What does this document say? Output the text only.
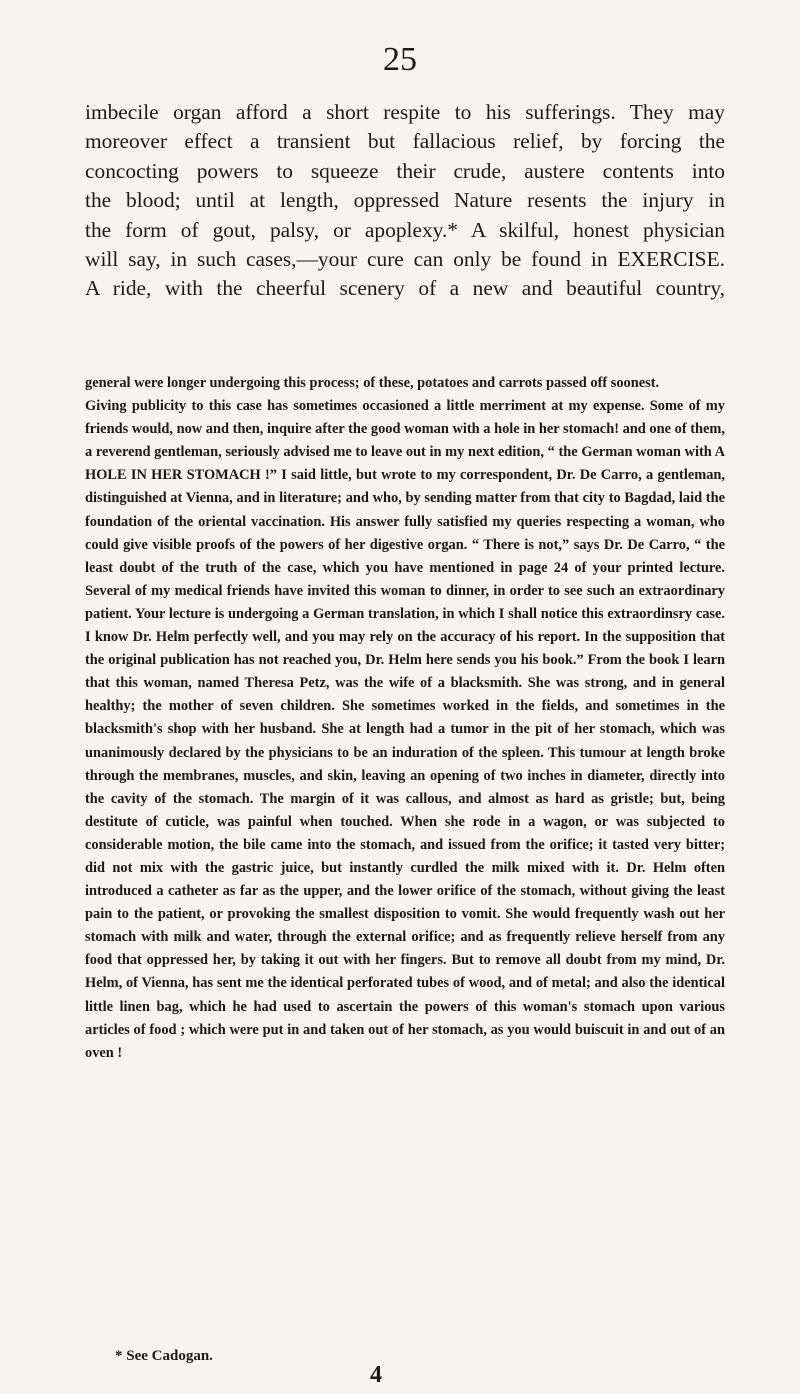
25
imbecile organ afford a short respite to his sufferings. They may
moreover effect a transient but fallacious relief, by forcing the
concocting powers to squeeze their crude, austere contents into
the blood; until at length, oppressed Nature resents the injury in
the form of gout, palsy, or apoplexy.* A skilful, honest physician
will say, in such cases,—your cure can only be found in EXERCISE.
A ride, with the cheerful scenery of a new and beautiful country,

general were longer undergoing this process; of these, potatoes and carrots passed off soonest.

Giving publicity to this case has sometimes occasioned a little merriment at my expense. Some of my friends would, now and then, inquire after the good woman with a hole in her stomach! and one of them, a reverend gentleman, seriously advised me to leave out in my next edition, “ the German woman with A HOLE IN HER STOMACH !” I said little, but wrote to my correspondent, Dr. De Carro, a gentleman, distinguished at Vienna, and in literature; and who, by sending matter from that city to Bagdad, laid the foundation of the oriental vaccination. His answer fully satisfied my queries respecting a woman, who could give visible proofs of the powers of her digestive organ. “ There is not,” says Dr. De Carro, “ the least doubt of the truth of the case, which you have mentioned in page 24 of your printed lecture. Several of my medical friends have invited this woman to dinner, in order to see such an extraordinary patient. Your lecture is undergoing a German translation, in which I shall notice this extraordinsry case. I know Dr. Helm perfectly well, and you may rely on the accuracy of his report. In the supposition that the original publication has not reached you, Dr. Helm here sends you his book.” From the book I learn that this woman, named Theresa Petz, was the wife of a blacksmith. She was strong, and in general healthy; the mother of seven children. She sometimes worked in the fields, and sometimes in the blacksmith's shop with her husband. She at length had a tumor in the pit of her stomach, which was unanimously declared by the physicians to be an induration of the spleen. This tumour at length broke through the membranes, muscles, and skin, leaving an opening of two inches in diameter, directly into the cavity of the stomach. The margin of it was callous, and almost as hard as gristle; but, being destitute of cuticle, was painful when touched. When she rode in a wagon, or was subjected to considerable motion, the bile came into the stomach, and issued from the orifice; it tasted very bitter; did not mix with the gastric juice, but instantly curdled the milk mixed with it. Dr. Helm often introduced a catheter as far as the upper, and the lower orifice of the stomach, without giving the least pain to the patient, or provoking the smallest disposition to vomit. She would frequently wash out her stomach with milk and water, through the external orifice; and as frequently relieve herself from any food that oppressed her, by taking it out with her fingers. But to remove all doubt from my mind, Dr. Helm, of Vienna, has sent me the identical perforated tubes of wood, and of metal; and also the identical little linen bag, which he had used to ascertain the powers of this woman's stomach upon various articles of food ; which were put in and taken out of her stomach, as you would buiscuit in and out of an oven !

* See Cadogan.
4
